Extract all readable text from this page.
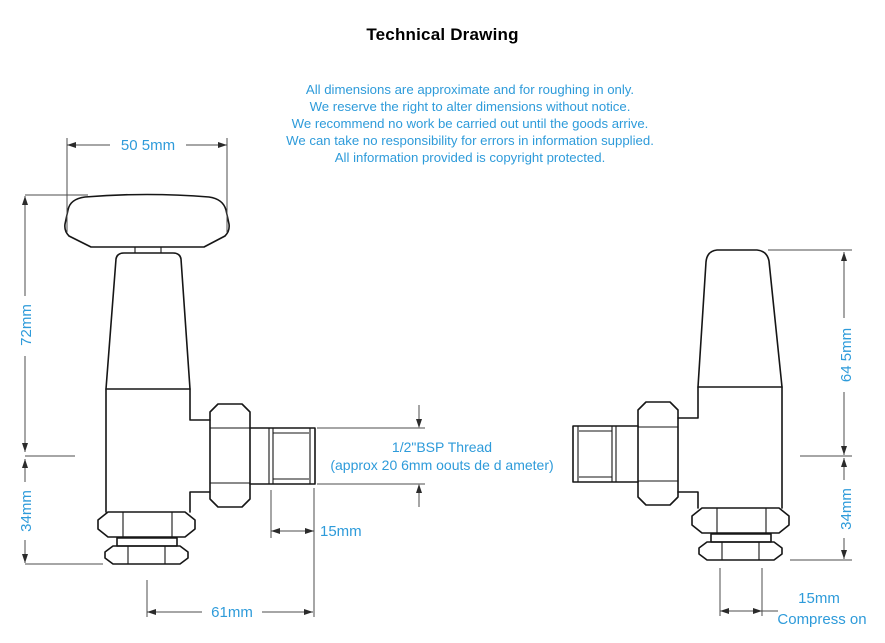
Technical Drawing
All dimensions are approximate and for roughing in only.
We reserve the right to alter dimensions without notice.
We recommend no work be carried out until the goods arrive.
We can take no responsibility for errors in information supplied.
All information provided is copyright protected.
50 5mm
72mm
34mm
1/2"BSP Thread
(approx 20 6mm oouts de d ameter)
15mm
61mm
64 5mm
34mm
15mm
Compress on
